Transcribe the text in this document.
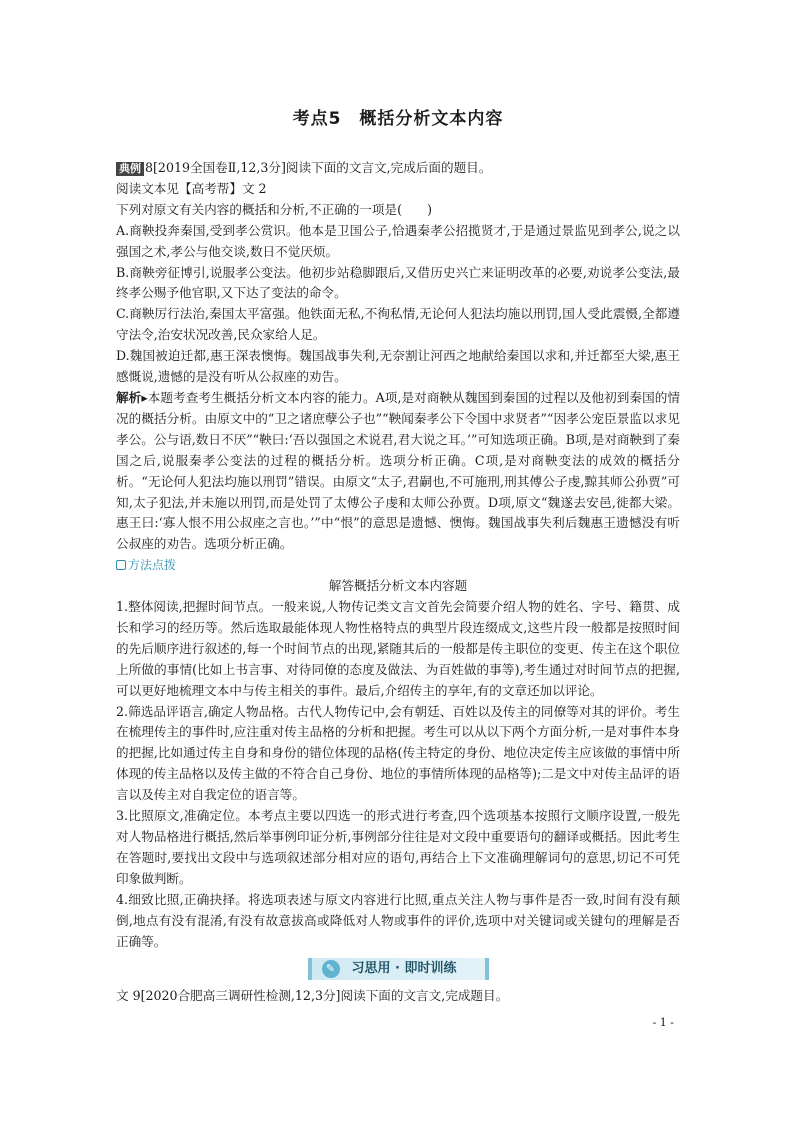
考点5　概括分析文本内容

典例 8[2019全国卷Ⅱ,12,3分]阅读下面的文言文,完成后面的题目。

阅读文本见【高考帮】文 2

下列对原文有关内容的概括和分析,不正确的一项是(　　)

A.商鞅投奔秦国,受到孝公赏识。他本是卫国公子,恰遇秦孝公招揽贤才,于是通过景监见到孝公,说之以强国之术,孝公与他交谈,数日不觉厌烦。

B.商鞅旁征博引,说服孝公变法。他初步站稳脚跟后,又借历史兴亡来证明改革的必要,劝说孝公变法,最终孝公赐予他官职,又下达了变法的命令。

C.商鞅厉行法治,秦国太平富强。他铁面无私,不徇私情,无论何人犯法均施以刑罚,国人受此震慑,全都遵守法令,治安状况改善,民众家给人足。

D.魏国被迫迁都,惠王深表懊悔。魏国战事失利,无奈割让河西之地献给秦国以求和,并迁都至大梁,惠王感慨说,遗憾的是没有听从公叔座的劝告。

解析▸本题考查考生概括分析文本内容的能力。A项,是对商鞅从魏国到秦国的过程以及他初到秦国的情况的概括分析。由原文中的“卫之诸庶孽公子也”“鞅闻秦孝公下令国中求贤者”“因孝公宠臣景监以求见孝公。公与语,数日不厌”“鞅曰:‘吾以强国之术说君,君大说之耳。’”可知选项正确。B项,是对商鞅到了秦国之后,说服秦孝公变法的过程的概括分析。选项分析正确。C项,是对商鞅变法的成效的概括分析。“无论何人犯法均施以刑罚”错误。由原文“太子,君嗣也,不可施刑,刑其傅公子虔,黥其师公孙贾”可知,太子犯法,并未施以刑罚,而是处罚了太傅公子虔和太师公孙贾。D项,原文“魏遂去安邑,徙都大梁。惠王曰:‘寡人恨不用公叔座之言也。’”中“恨”的意思是遗憾、懊悔。魏国战事失利后魏惠王遗憾没有听公叔座的劝告。选项分析正确。

方法点拨

解答概括分析文本内容题

1.整体阅读,把握时间节点。一般来说,人物传记类文言文首先会简要介绍人物的姓名、字号、籍贯、成长和学习的经历等。然后选取最能体现人物性格特点的典型片段连缀成文,这些片段一般都是按照时间的先后顺序进行叙述的,每一个时间节点的出现,紧随其后的一般都是传主职位的变更、传主在这个职位上所做的事情(比如上书言事、对待同僚的态度及做法、为百姓做的事等),考生通过对时间节点的把握,可以更好地梳理文本中与传主相关的事件。最后,介绍传主的享年,有的文章还加以评论。

2.筛选品评语言,确定人物品格。古代人物传记中,会有朝廷、百姓以及传主的同僚等对其的评价。考生在梳理传主的事件时,应注重对传主品格的分析和把握。考生可以从以下两个方面分析,一是对事件本身的把握,比如通过传主自身和身份的错位体现的品格(传主特定的身份、地位决定传主应该做的事情中所体现的传主品格以及传主做的不符合自己身份、地位的事情所体现的品格等);二是文中对传主品评的语言以及传主对自我定位的语言等。

3.比照原文,准确定位。本考点主要以四选一的形式进行考查,四个选项基本按照行文顺序设置,一般先对人物品格进行概括,然后举事例印证分析,事例部分往往是对文段中重要语句的翻译或概括。因此考生在答题时,要找出文段中与选项叙述部分相对应的语句,再结合上下文准确理解词句的意思,切记不可凭印象做判断。

4.细致比照,正确抉择。将选项表述与原文内容进行比照,重点关注人物与事件是否一致,时间有没有颠倒,地点有没有混淆,有没有故意拔高或降低对人物或事件的评价,选项中对关键词或关键句的理解是否正确等。

✎	习思用 · 即时训练

文 9[2020合肥高三调研性检测,12,3分]阅读下面的文言文,完成题目。

- 1 -
